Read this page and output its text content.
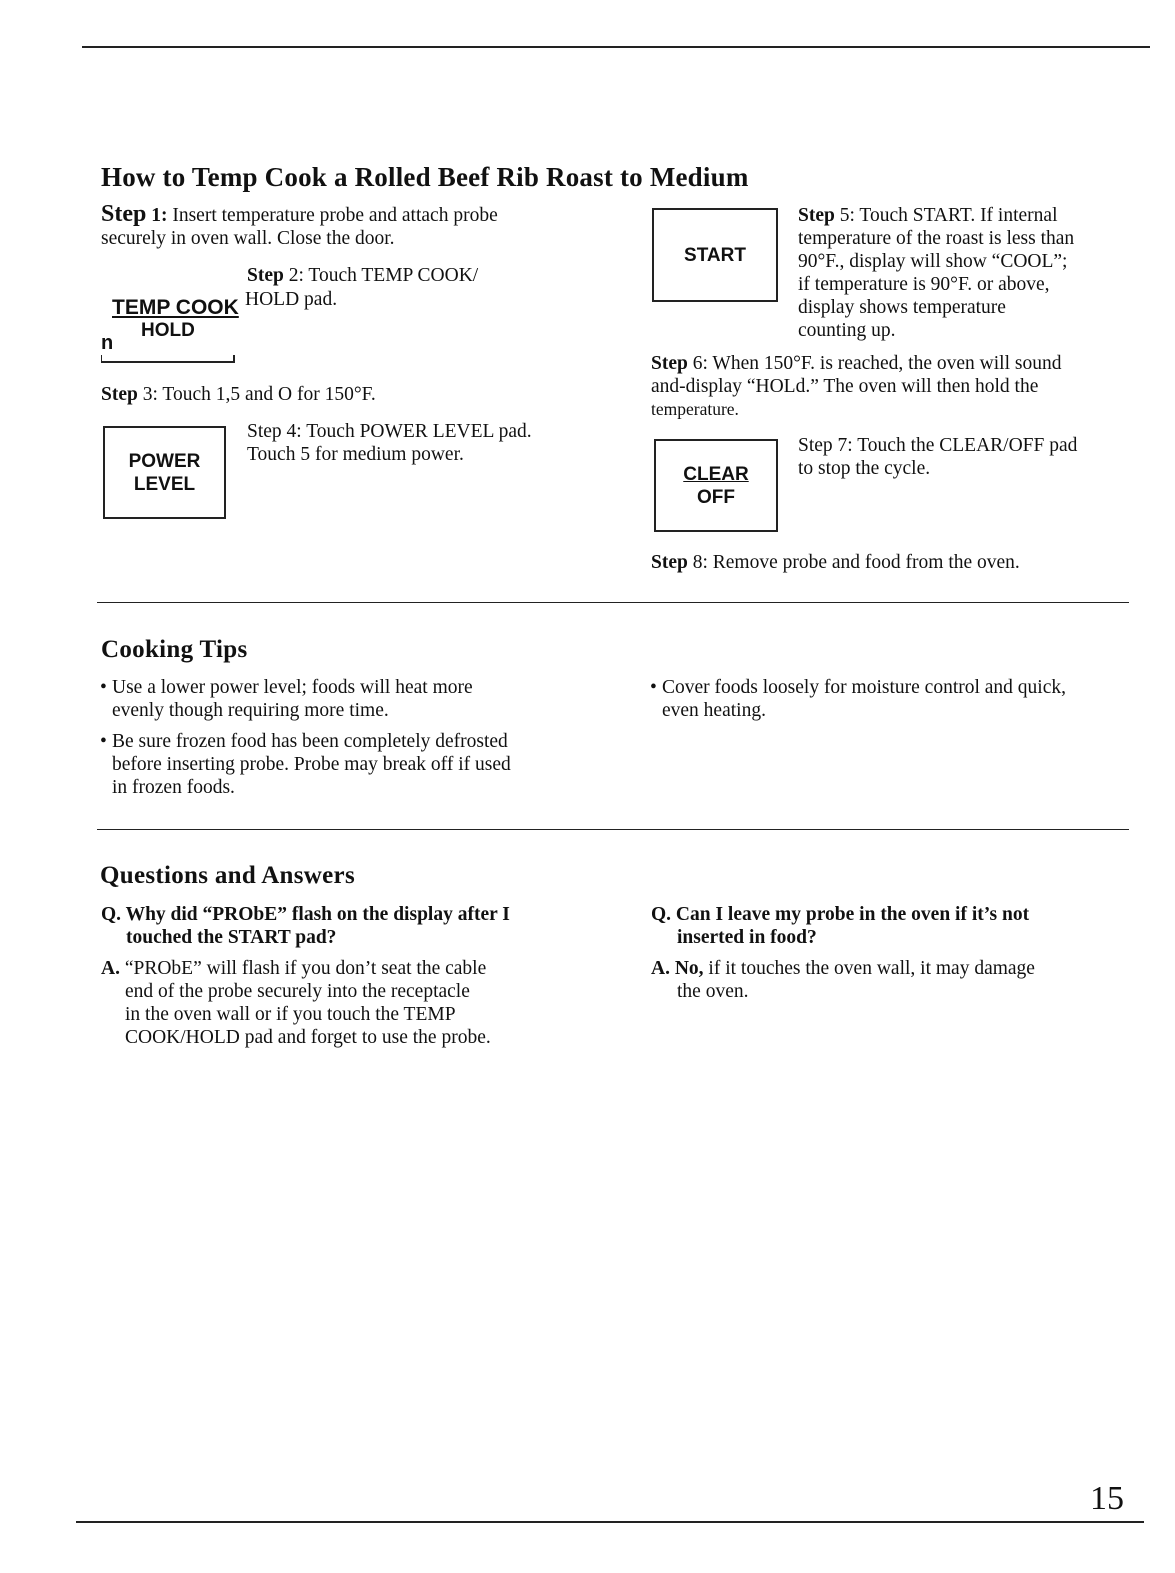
How to Temp Cook a Rolled Beef Rib Roast to Medium
Step 1: Insert temperature probe and attach probe
securely in oven wall. Close the door.
Step 2: Touch TEMP COOK/
HOLD pad.
TEMP COOK
HOLD
n
Step 3: Touch 1,5 and O for 150°F.
POWER
LEVEL
Step 4: Touch POWER LEVEL pad.
Touch 5 for medium power.
START
Step 5: Touch START. If internal
temperature of the roast is less than
90°F., display will show “COOL”;
if temperature is 90°F. or above,
display shows temperature
counting up.
Step 6: When 150°F. is reached, the oven will sound
and-display “HOLd.” The oven will then hold the
temperature.
CLEAR
OFF
Step 7: Touch the CLEAR/OFF pad
to stop the cycle.
Step 8: Remove probe and food from the oven.
Cooking Tips
• Use a lower power level; foods will heat more
evenly though requiring more time.
• Be sure frozen food has been completely defrosted
before inserting probe. Probe may break off if used
in frozen foods.
• Cover foods loosely for moisture control and quick,
even heating.
Questions and Answers
Q. Why did “PRObE” flash on the display after I
touched the START pad?
A. “PRObE” will flash if you don’t seat the cable
end of the probe securely into the receptacle
in the oven wall or if you touch the TEMP
COOK/HOLD pad and forget to use the probe.
Q. Can I leave my probe in the oven if it’s not
inserted in food?
A. No, if it touches the oven wall, it may damage
the oven.
15
